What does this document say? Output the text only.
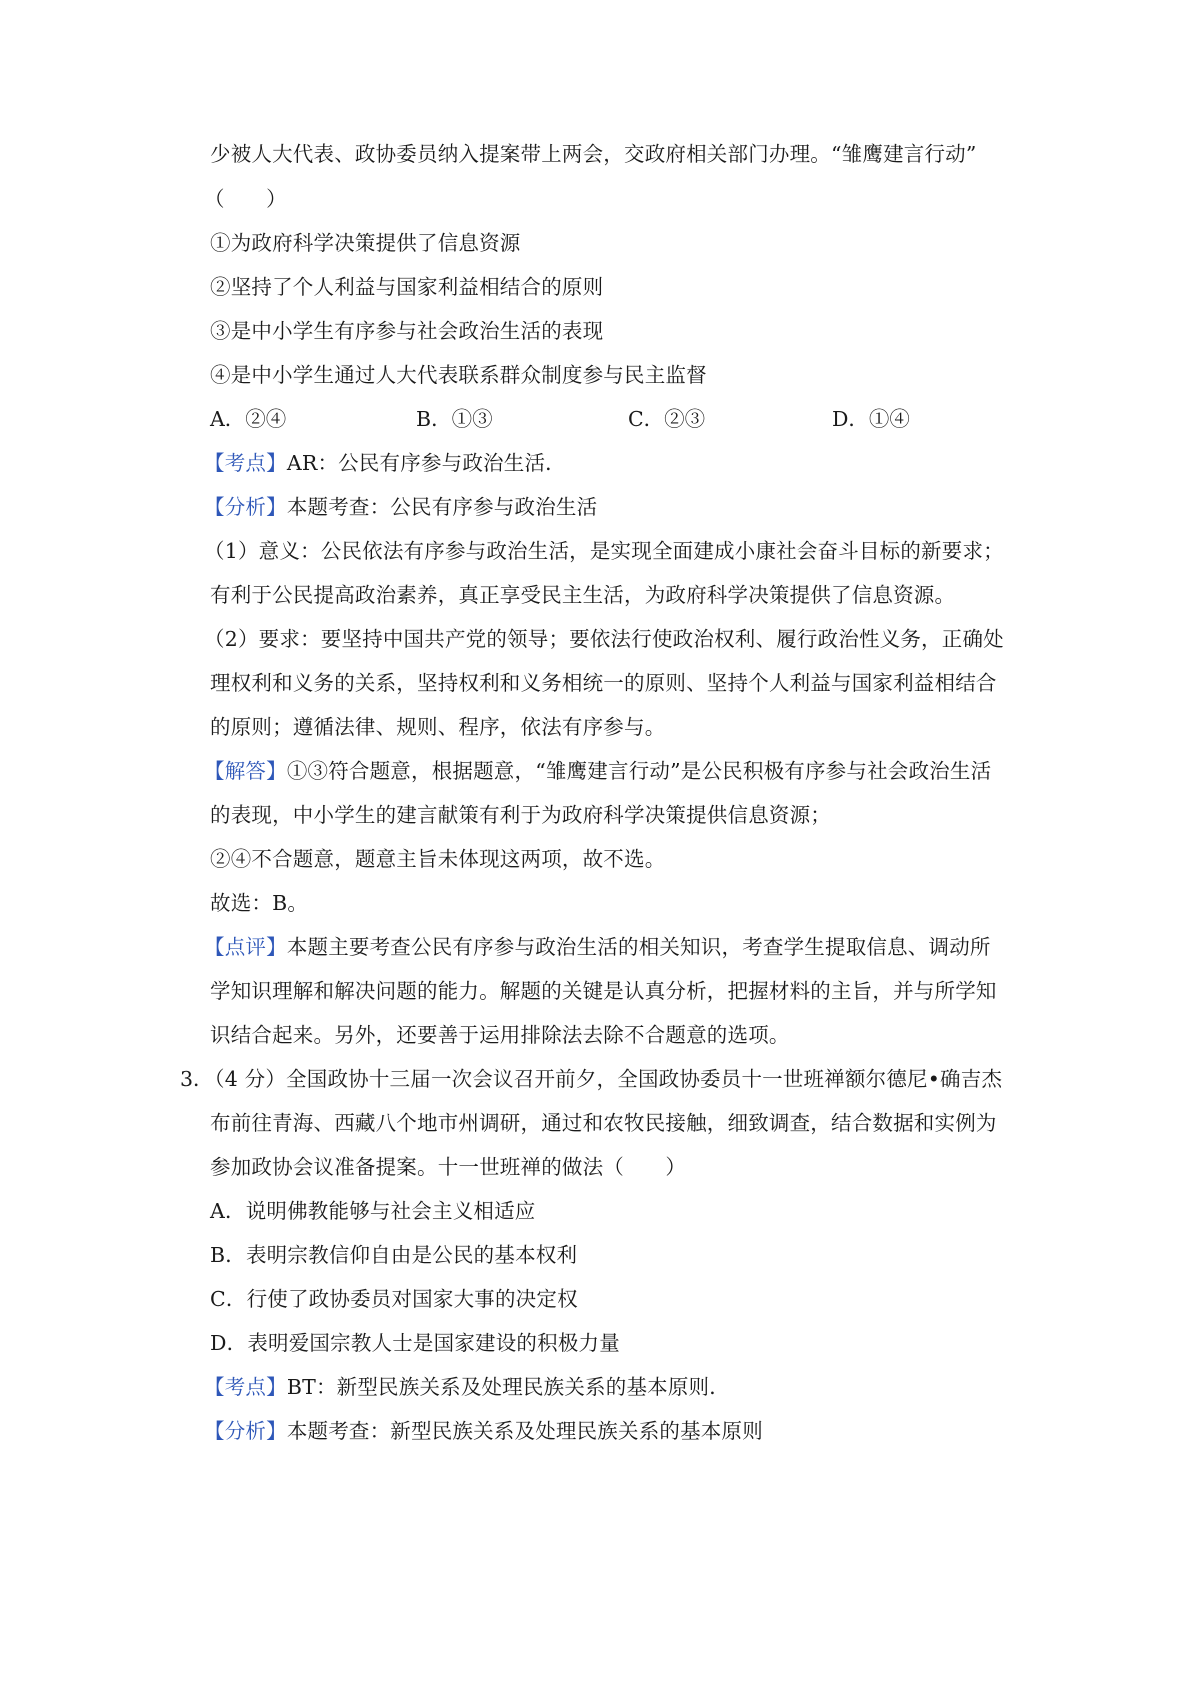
少被人大代表、政协委员纳入提案带上两会，交政府相关部门办理。“雏鹰建言行动”
（　　）
①为政府科学决策提供了信息资源
②坚持了个人利益与国家利益相结合的原则
③是中小学生有序参与社会政治生活的表现
④是中小学生通过人大代表联系群众制度参与民主监督
A．②④	B．①③	C．②③	D．①④
【考点】AR：公民有序参与政治生活．
【分析】本题考查：公民有序参与政治生活
（1）意义：公民依法有序参与政治生活，是实现全面建成小康社会奋斗目标的新要求；
有利于公民提高政治素养，真正享受民主生活，为政府科学决策提供了信息资源。
（2）要求：要坚持中国共产党的领导；要依法行使政治权利、履行政治性义务，正确处
理权利和义务的关系，坚持权利和义务相统一的原则、坚持个人利益与国家利益相结合
的原则；遵循法律、规则、程序，依法有序参与。
【解答】①③符合题意，根据题意，“雏鹰建言行动”是公民积极有序参与社会政治生活
的表现，中小学生的建言献策有利于为政府科学决策提供信息资源；
②④不合题意，题意主旨未体现这两项，故不选。
故选：B。
【点评】本题主要考查公民有序参与政治生活的相关知识，考查学生提取信息、调动所
学知识理解和解决问题的能力。解题的关键是认真分析，把握材料的主旨，并与所学知
识结合起来。另外，还要善于运用排除法去除不合题意的选项。
3．
（4 分）全国政协十三届一次会议召开前夕，全国政协委员十一世班禅额尔德尼•确吉杰
布前往青海、西藏八个地市州调研，通过和农牧民接触，细致调查，结合数据和实例为
参加政协会议准备提案。十一世班禅的做法（　　）
A．说明佛教能够与社会主义相适应
B．表明宗教信仰自由是公民的基本权利
C．行使了政协委员对国家大事的决定权
D．表明爱国宗教人士是国家建设的积极力量
【考点】BT：新型民族关系及处理民族关系的基本原则．
【分析】本题考查：新型民族关系及处理民族关系的基本原则
